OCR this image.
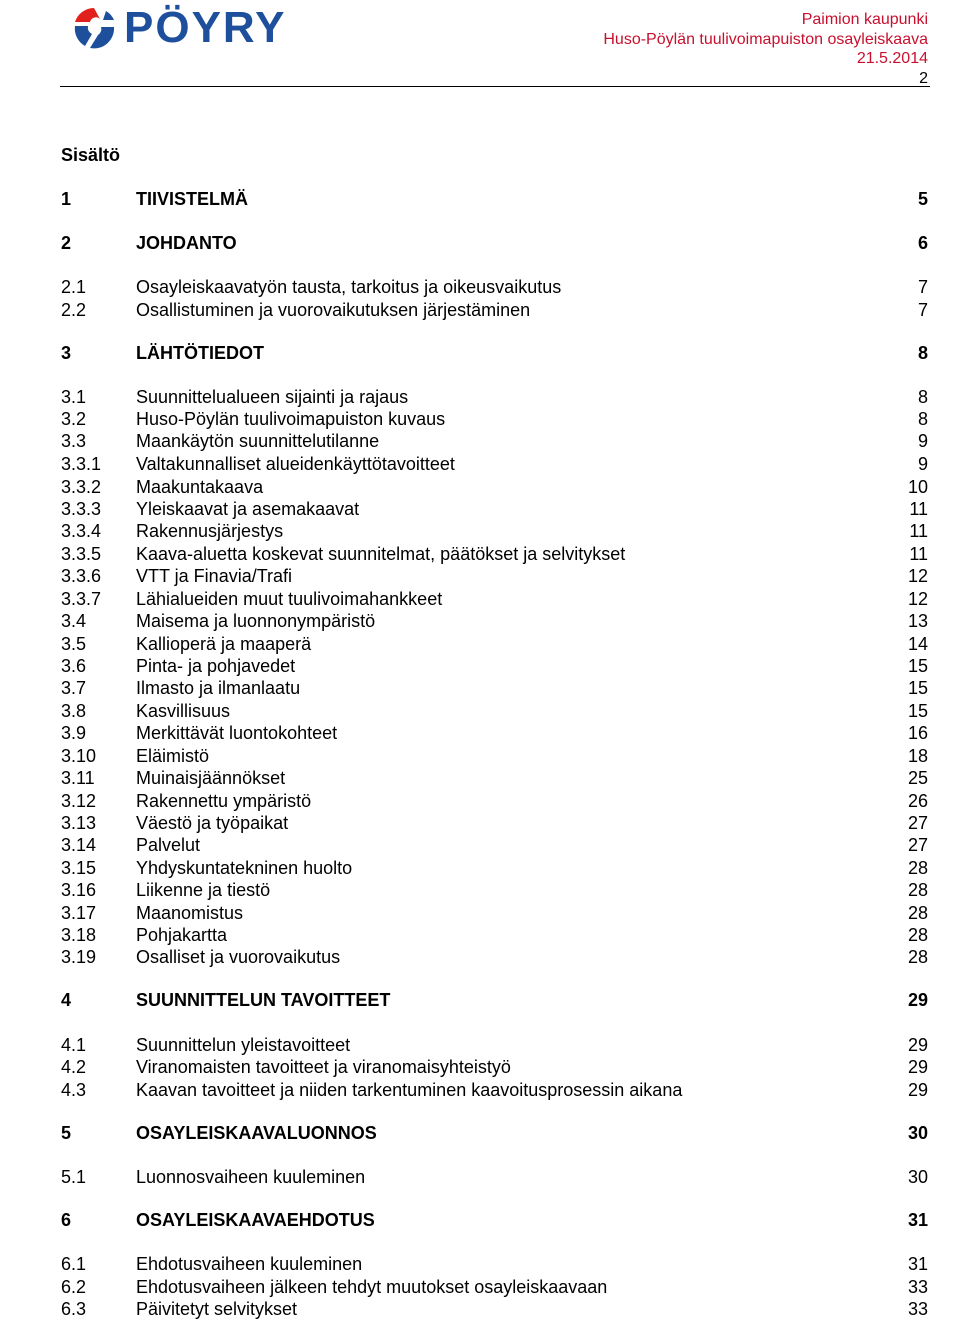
PÖYRY	Paimion kaupunki
Huso-Pöylän tuulivoimapuiston osayleiskaava
21.5.2014
2
Sisältö
1	TIIVISTELMÄ	5
2	JOHDANTO	6
2.1	Osayleiskaavatyön tausta, tarkoitus ja oikeusvaikutus	7
2.2	Osallistuminen ja vuorovaikutuksen järjestäminen	7
3	LÄHTÖTIEDOT	8
3.1	Suunnittelualueen sijainti ja rajaus	8
3.2	Huso-Pöylän tuulivoimapuiston kuvaus	8
3.3	Maankäytön suunnittelutilanne	9
3.3.1	Valtakunnalliset alueidenkäyttötavoitteet	9
3.3.2	Maakuntakaava	10
3.3.3	Yleiskaavat ja asemakaavat	11
3.3.4	Rakennusjärjestys	11
3.3.5	Kaava-aluetta koskevat suunnitelmat, päätökset ja selvitykset	11
3.3.6	VTT ja Finavia/Trafi	12
3.3.7	Lähialueiden muut tuulivoimahankkeet	12
3.4	Maisema ja luonnonympäristö	13
3.5	Kallioperä ja maaperä	14
3.6	Pinta- ja pohjavedet	15
3.7	Ilmasto ja ilmanlaatu	15
3.8	Kasvillisuus	15
3.9	Merkittävät luontokohteet	16
3.10	Eläimistö	18
3.11	Muinaisjäännökset	25
3.12	Rakennettu ympäristö	26
3.13	Väestö ja työpaikat	27
3.14	Palvelut	27
3.15	Yhdyskuntatekninen huolto	28
3.16	Liikenne ja tiestö	28
3.17	Maanomistus	28
3.18	Pohjakartta	28
3.19	Osalliset ja vuorovaikutus	28
4	SUUNNITTELUN TAVOITTEET	29
4.1	Suunnittelun yleistavoitteet	29
4.2	Viranomaisten tavoitteet ja viranomaisyhteistyö	29
4.3	Kaavan tavoitteet ja niiden tarkentuminen kaavoitusprosessin aikana	29
5	OSAYLEISKAAVALUONNOS	30
5.1	Luonnosvaiheen kuuleminen	30
6	OSAYLEISKAAVAEHDOTUS	31
6.1	Ehdotusvaiheen kuuleminen	31
6.2	Ehdotusvaiheen jälkeen tehdyt muutokset osayleiskaavaan	33
6.3	Päivitetyt selvitykset	33
